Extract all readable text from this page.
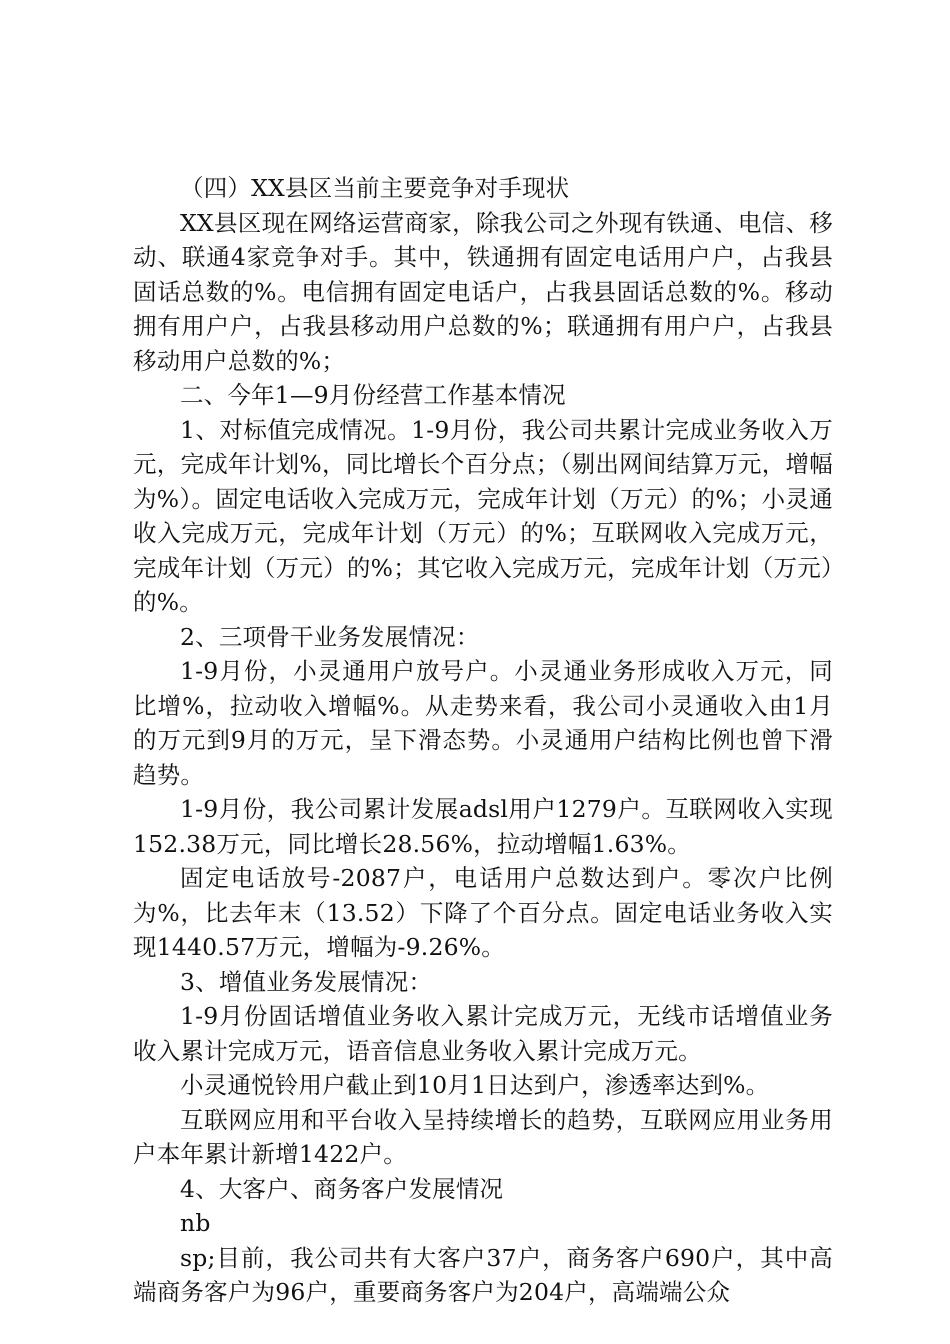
（四）XX县区当前主要竞争对手现状

XX县区现在网络运营商家，除我公司之外现有铁通、电信、移动、联通4家竞争对手。其中，铁通拥有固定电话用户户，占我县固话总数的%。电信拥有固定电话户，占我县固话总数的%。移动拥有用户户，占我县移动用户总数的%；联通拥有用户户，占我县移动用户总数的%；

二、今年1—9月份经营工作基本情况

1、对标值完成情况。1-9月份，我公司共累计完成业务收入万元，完成年计划%，同比增长个百分点；（剔出网间结算万元，增幅为%）。固定电话收入完成万元，完成年计划（万元）的%；小灵通收入完成万元，完成年计划（万元）的%；互联网收入完成万元，完成年计划（万元）的%；其它收入完成万元，完成年计划（万元）的%。

2、三项骨干业务发展情况：

1-9月份，小灵通用户放号户。小灵通业务形成收入万元，同比增%，拉动收入增幅%。从走势来看，我公司小灵通收入由1月的万元到9月的万元，呈下滑态势。小灵通用户结构比例也曾下滑趋势。

1-9月份，我公司累计发展adsl用户1279户。互联网收入实现152.38万元，同比增长28.56%，拉动增幅1.63%。

固定电话放号-2087户，电话用户总数达到户。零次户比例为%，比去年末（13.52）下降了个百分点。固定电话业务收入实现1440.57万元，增幅为-9.26%。

3、增值业务发展情况：

1-9月份固话增值业务收入累计完成万元，无线市话增值业务收入累计完成万元，语音信息业务收入累计完成万元。

小灵通悦铃用户截止到10月1日达到户，渗透率达到%。

互联网应用和平台收入呈持续增长的趋势，互联网应用业务用户本年累计新增1422户。

4、大客户、商务客户发展情况

nb

sp;目前，我公司共有大客户37户，商务客户690户，其中高端商务客户为96户，重要商务客户为204户，高端端公众
